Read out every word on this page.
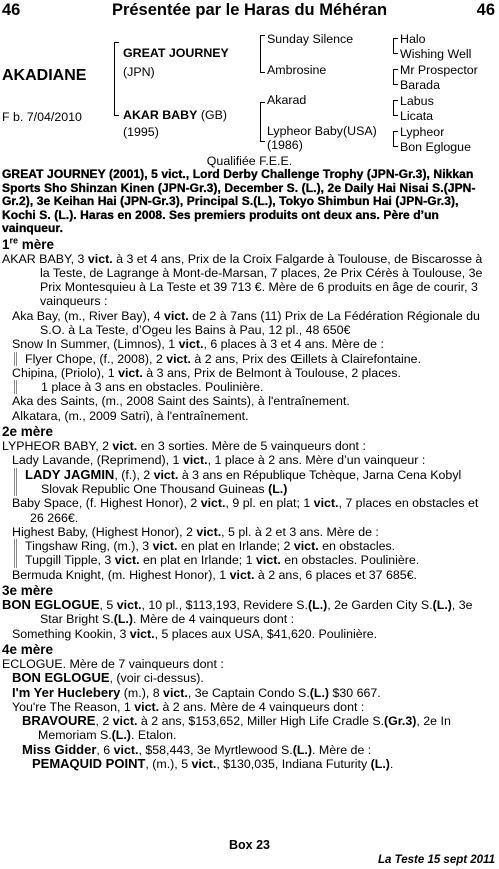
46	Présentée par le Haras du Méhéran	46
AKADIANE
F b. 7/04/2010
GREAT JOURNEY
(JPN)
AKAR BABY (GB)
(1995)
Sunday Silence
Ambrosine
Akarad
Lypheor Baby(USA)
(1986)
Halo
Wishing Well
Mr Prospector
Barada
Labus
Licata
Lypheor
Bon Eglogue
Qualifiée F.E.E.

GREAT JOURNEY (2001), 5 vict., Lord Derby Challenge Trophy (JPN-Gr.3), Nikkan Sports Sho Shinzan Kinen (JPN-Gr.3), December S. (L.), 2e Daily Hai Nisai S.(JPN-Gr.2), 3e Keihan Hai (JPN-Gr.3), Principal S.(L.), Tokyo Shimbun Hai (JPN-Gr.3), Kochi S. (L.). Haras en 2008. Ses premiers produits ont deux ans. Père d’un vainqueur.

1re mère

AKAR BABY, 3 vict. à 3 et 4 ans, Prix de la Croix Falgarde à Toulouse, de Biscarosse à la Teste, de Lagrange à Mont-de-Marsan, 7 places, 2e Prix Cérès à Toulouse, 3e Prix Montesquieu à La Teste et 39 713 €. Mère de 6 produits en âge de courir, 3 vainqueurs :

Aka Bay, (m., River Bay), 4 vict. de 2 à 7ans (11) Prix de La Fédération Régionale du S.O. à La Teste, d’Ogeu les Bains à Pau, 12 pl., 48 650€

Snow In Summer, (Limnos), 1 vict., 6 places à 3 et 4 ans. Mère de :

Flyer Chope, (f., 2008), 2 vict. à 2 ans, Prix des Œillets à Clairefontaine.

Chipina, (Priolo), 1 vict. à 3 ans, Prix de Belmont à Toulouse, 2 places.

1 place à 3 ans en obstacles. Poulinière.

Aka des Saints, (m., 2008 Saint des Saints), à l'entraînement.

Alkatara, (m., 2009 Satri), à l'entraînement.

2e mère

LYPHEOR BABY, 2 vict. en 3 sorties. Mère de 5 vainqueurs dont :

Lady Lavande, (Reprimend), 1 vict., 1 place à 2 ans. Mère d’un vainqueur :

LADY JAGMIN, (f.), 2 vict. à 3 ans en République Tchèque, Jarna Cena Kobyl Slovak Republic One Thousand Guineas (L.)

Baby Space, (f. Highest Honor), 2 vict., 9 pl. en plat; 1 vict., 7 places en obstacles et 26 266€.

Highest Baby, (Highest Honor), 2 vict., 5 pl. à 2 et 3 ans. Mère de :

Tingshaw Ring, (m.), 3 vict. en plat en Irlande; 2 vict. en obstacles.

Tupgill Tipple, 3 vict. en plat en Irlande; 1 vict. en obstacles. Poulinière.

Bermuda Knight, (m. Highest Honor), 1 vict. à 2 ans, 6 places et 37 685€.

3e mère

BON EGLOGUE, 5 vict., 10 pl., $113,193, Revidere S.(L.), 2e Garden City S.(L.), 3e Star Bright S.(L.). Mère de 4 vainqueurs dont :

Something Kookin, 3 vict., 5 places aux USA, $41,620. Poulinière.

4e mère

ECLOGUE. Mère de 7 vainqueurs dont :

BON EGLOGUE, (voir ci-dessus).

I'm Yer Huclebery (m.), 8 vict., 3e Captain Condo S.(L.) $30 667.

You're The Reason, 1 vict. à 2 ans. Mère de 4 vainqueurs dont :

BRAVOURE, 2 vict. à 2 ans, $153,652, Miller High Life Cradle S.(Gr.3), 2e In Memoriam S.(L.). Etalon.

Miss Gidder, 6 vict., $58,443, 3e Myrtlewood S.(L.). Mère de :

PEMAQUID POINT, (m.), 5 vict., $130,035, Indiana Futurity (L.).

Box 23
La Teste 15 sept 2011
